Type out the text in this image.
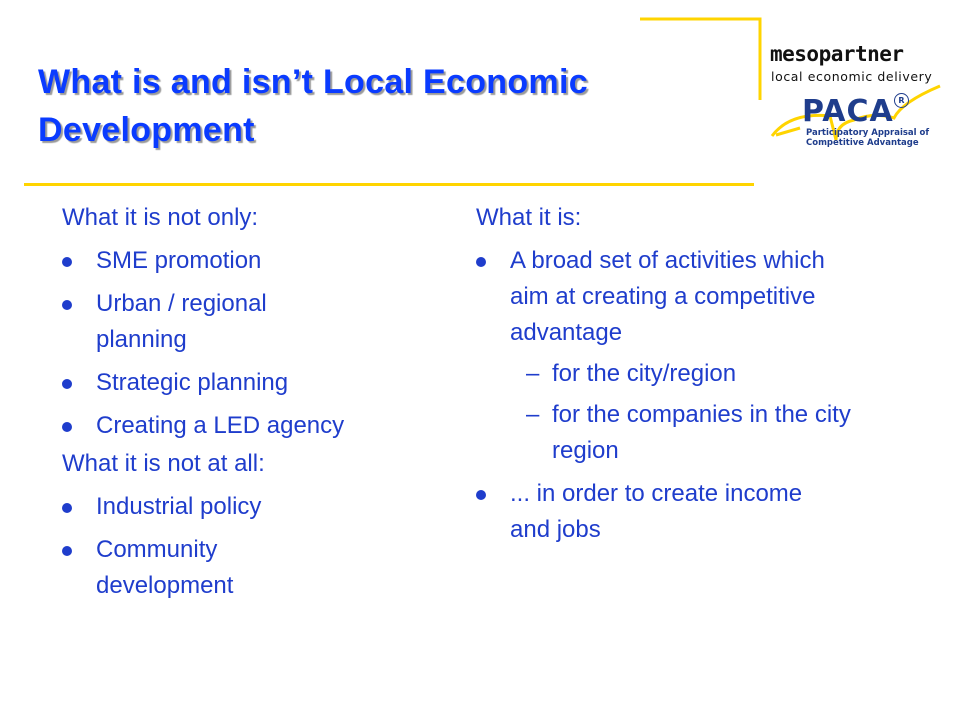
What is and isn’t Local Economic Development
mesopartner
local economic delivery
PACA R
Participatory Appraisal of Competitive Advantage

What it is not only:

SME promotion
Urban / regional planning
Strategic planning
Creating a LED agency

What it is not at all:

Industrial policy
Community development

What it is:

A broad set of activities which aim at creating a competitive advantage
– for the city/region
– for the companies in the city region
... in order to create income and jobs
